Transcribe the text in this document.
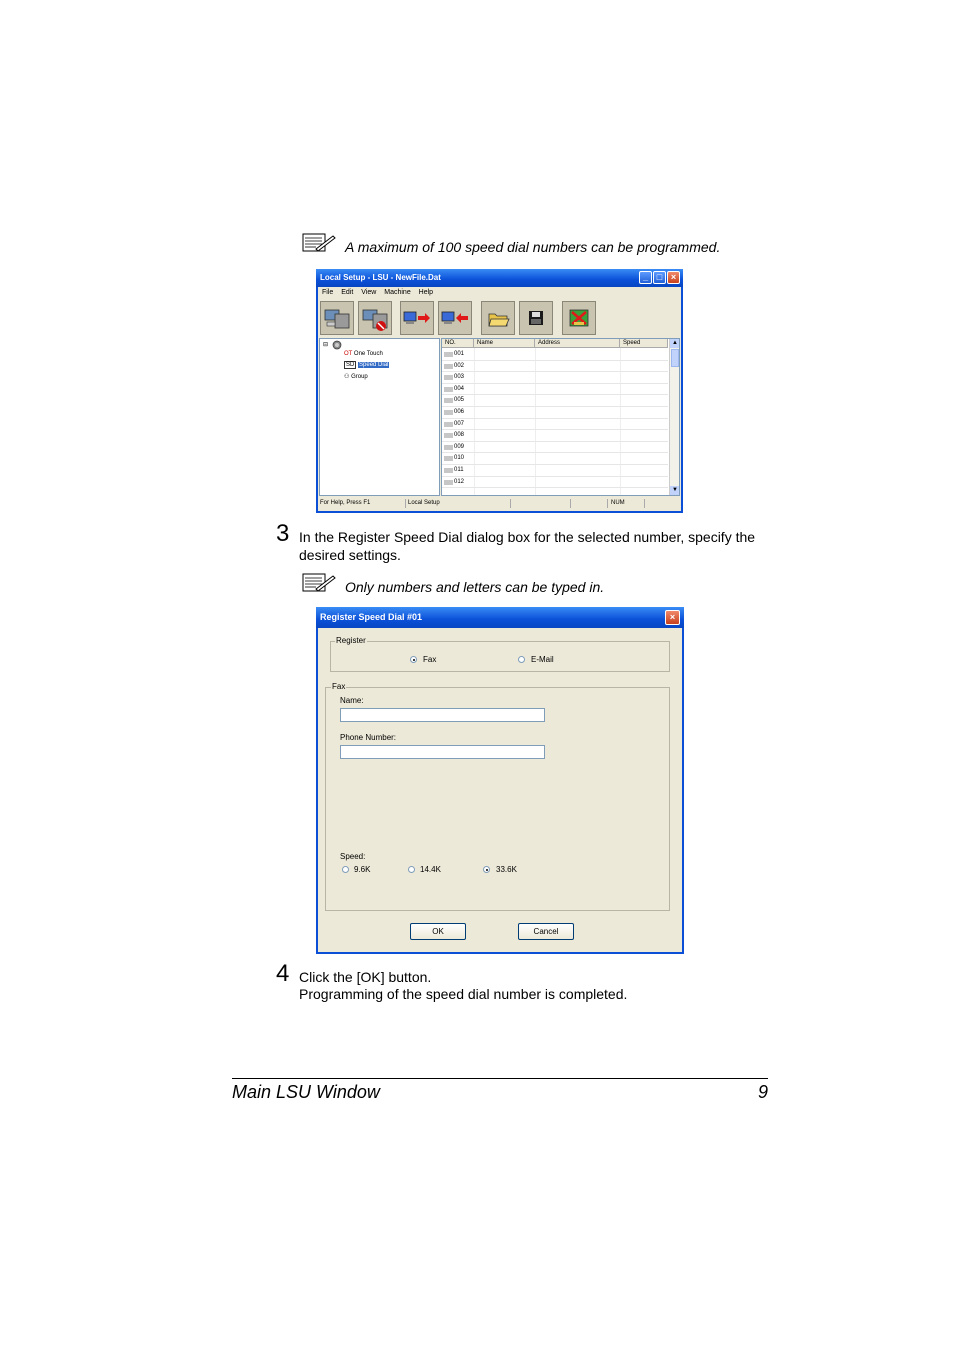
A maximum of 100 speed dial numbers can be programmed.
Local Setup - LSU - NewFile.Dat	_ □ ×
File Edit View Machine Help
⊟
OT One Touch
SD Speed Dial
⚇ Group
NO.	Name	Address	Speed
001
002
003
004
005
006
007
008
009
010
011
012
▲
▼
For Help, Press F1	Local Setup	NUM
3 In the Register Speed Dial dialog box for the selected number, specify the desired settings.
Only numbers and letters can be typed in.
Register Speed Dial #01	×
Register
Fax	E-Mail
Fax
Name:
Phone Number:
Speed:
9.6K	14.4K	33.6K
OK	Cancel
4 Click the [OK] button.
Programming of the speed dial number is completed.
Main LSU Window	9
